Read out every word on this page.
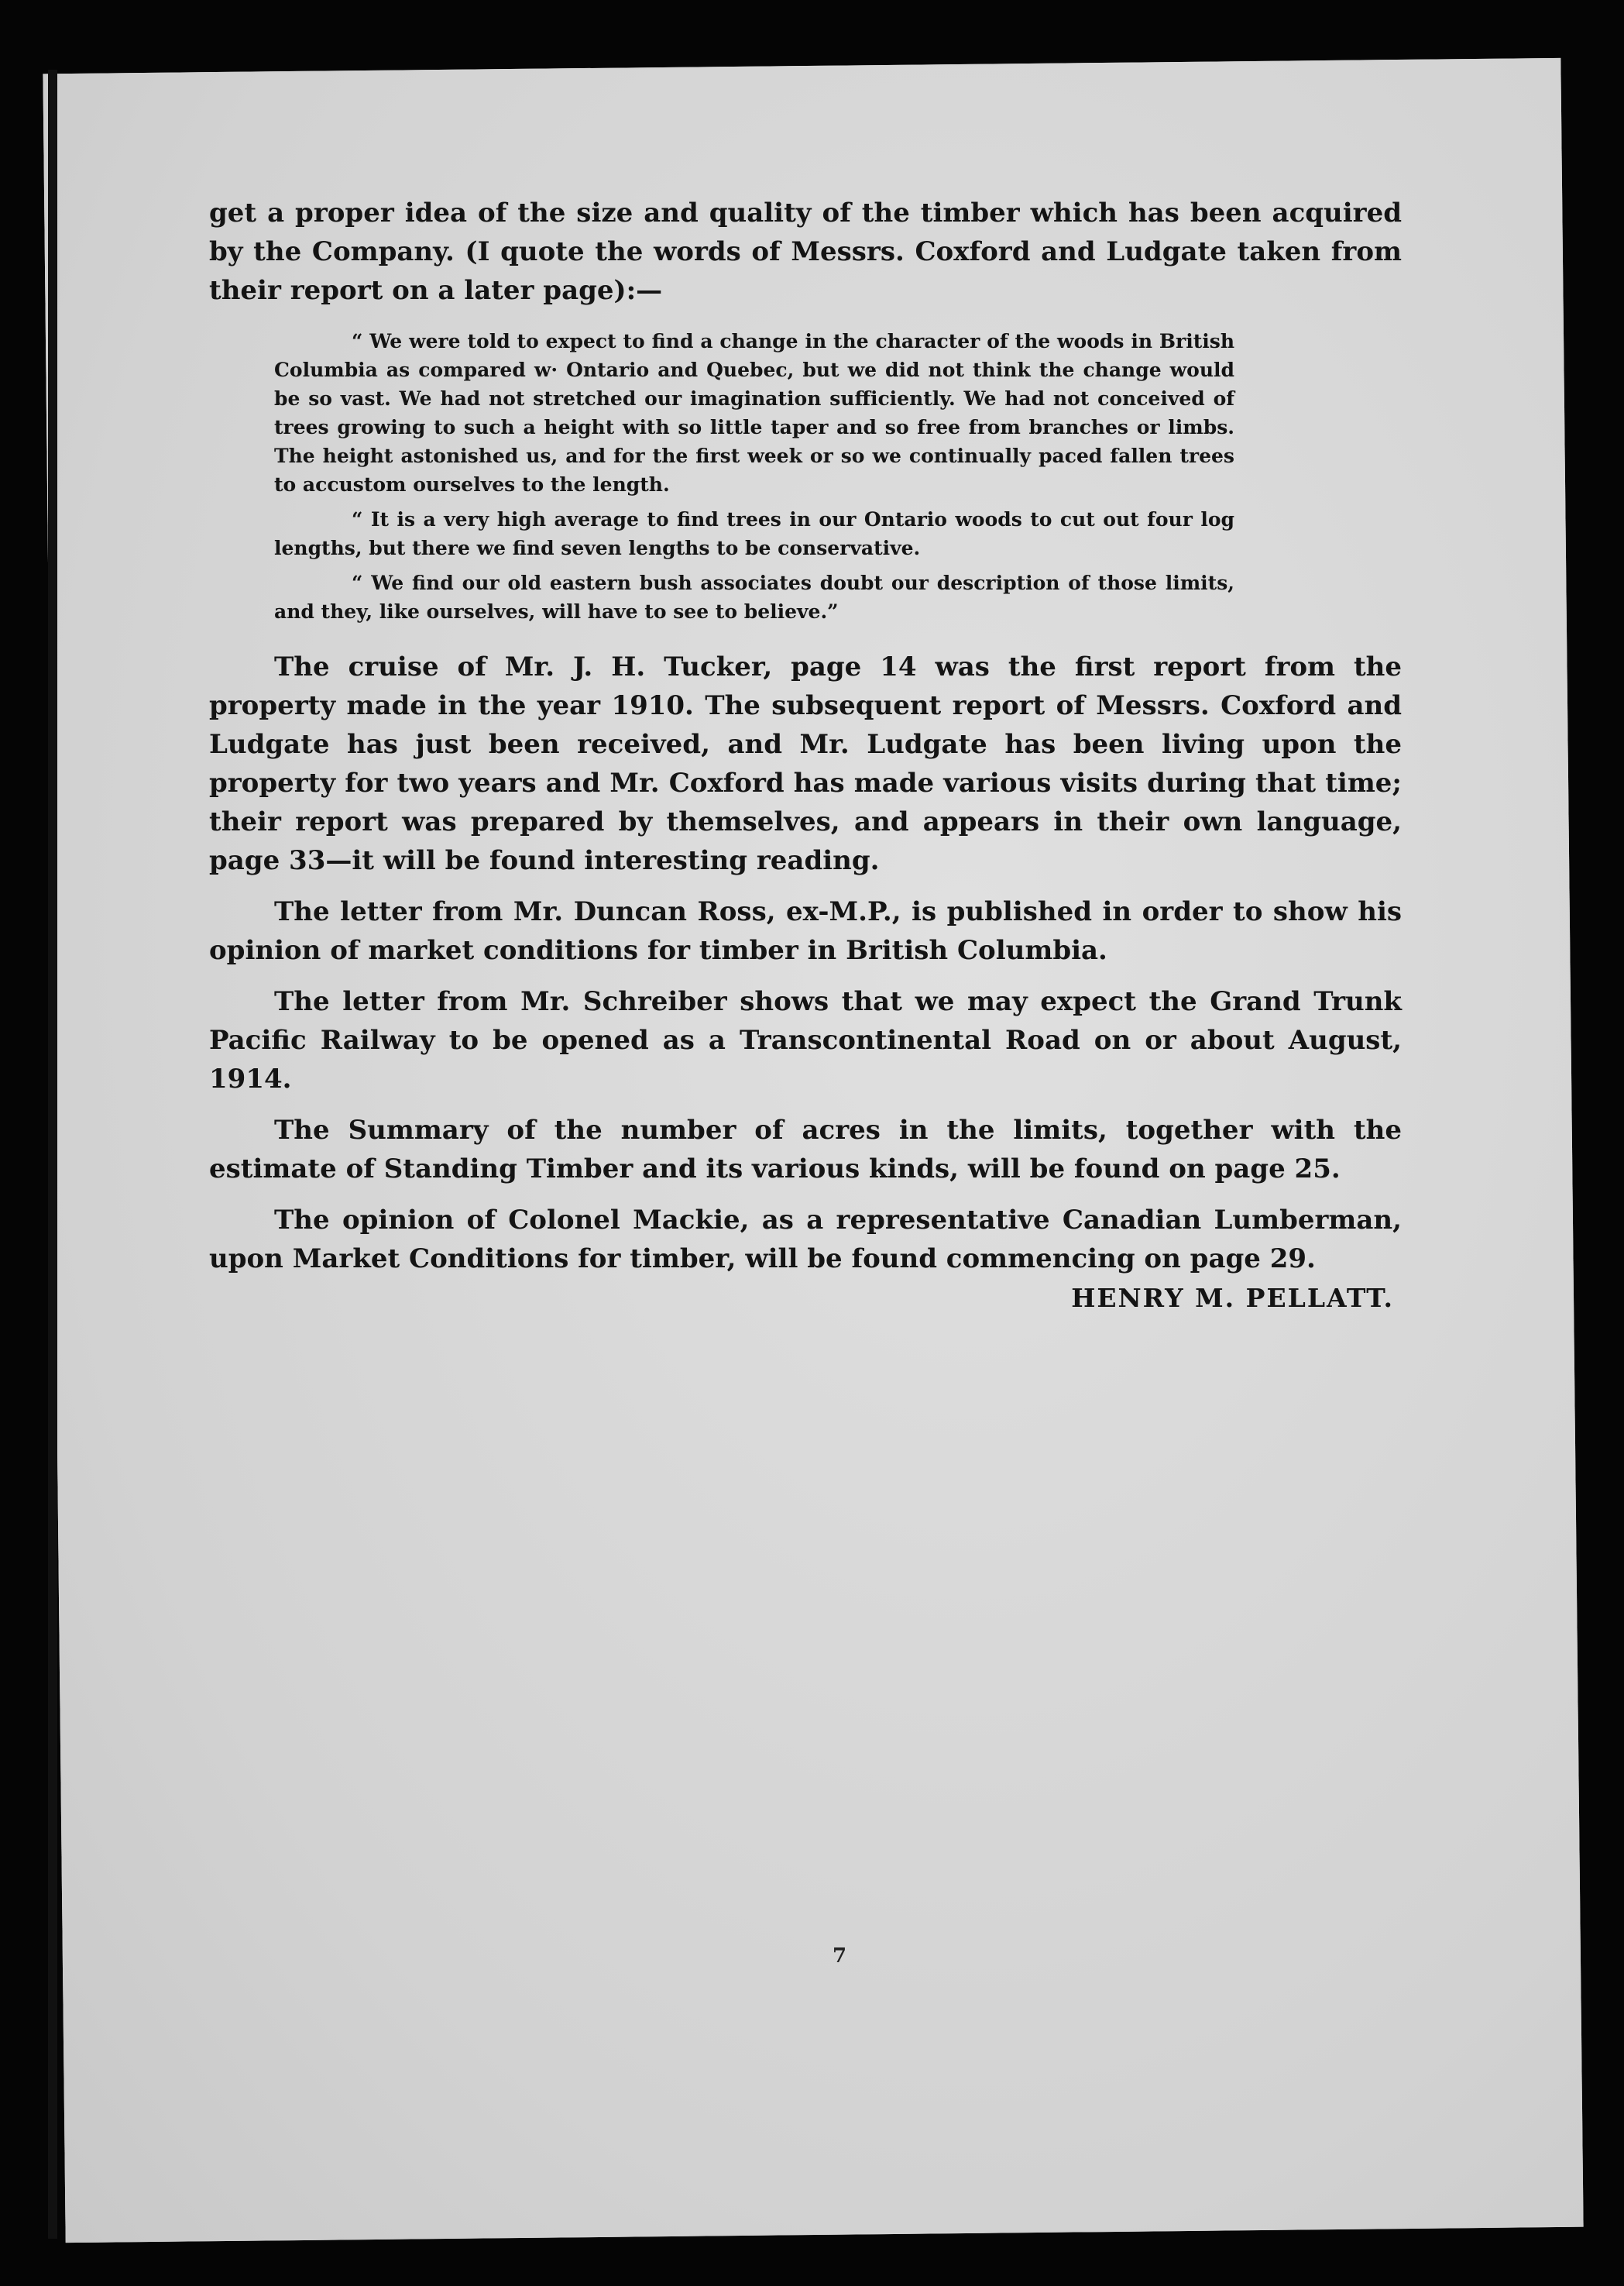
get a proper idea of the size and quality of the timber which has been acquired by the Company. (I quote the words of Messrs. Coxford and Ludgate taken from their report on a later page):—

“ We were told to expect to find a change in the character of the woods in British Columbia as compared w· Ontario and Quebec, but we did not think the change would be so vast. We had not stretched our imagination sufficiently. We had not conceived of trees growing to such a height with so little taper and so free from branches or limbs. The height astonished us, and for the first week or so we continually paced fallen trees to accustom ourselves to the length.

“ It is a very high average to find trees in our Ontario woods to cut out four log lengths, but there we find seven lengths to be conservative.

“ We find our old eastern bush associates doubt our description of those limits, and they, like ourselves, will have to see to believe.”

The cruise of Mr. J. H. Tucker, page 14 was the first report from the property made in the year 1910. The subsequent report of Messrs. Coxford and Ludgate has just been received, and Mr. Ludgate has been living upon the property for two years and Mr. Coxford has made various visits during that time; their report was prepared by themselves, and appears in their own language, page 33—it will be found interesting reading.

The letter from Mr. Duncan Ross, ex-M.P., is published in order to show his opinion of market conditions for timber in British Columbia.

The letter from Mr. Schreiber shows that we may expect the Grand Trunk Pacific Railway to be opened as a Transcontinental Road on or about August, 1914.

The Summary of the number of acres in the limits, together with the estimate of Standing Timber and its various kinds, will be found on page 25.

The opinion of Colonel Mackie, as a representative Canadian Lumberman, upon Market Conditions for timber, will be found commencing on page 29.

HENRY M. PELLATT.
7
